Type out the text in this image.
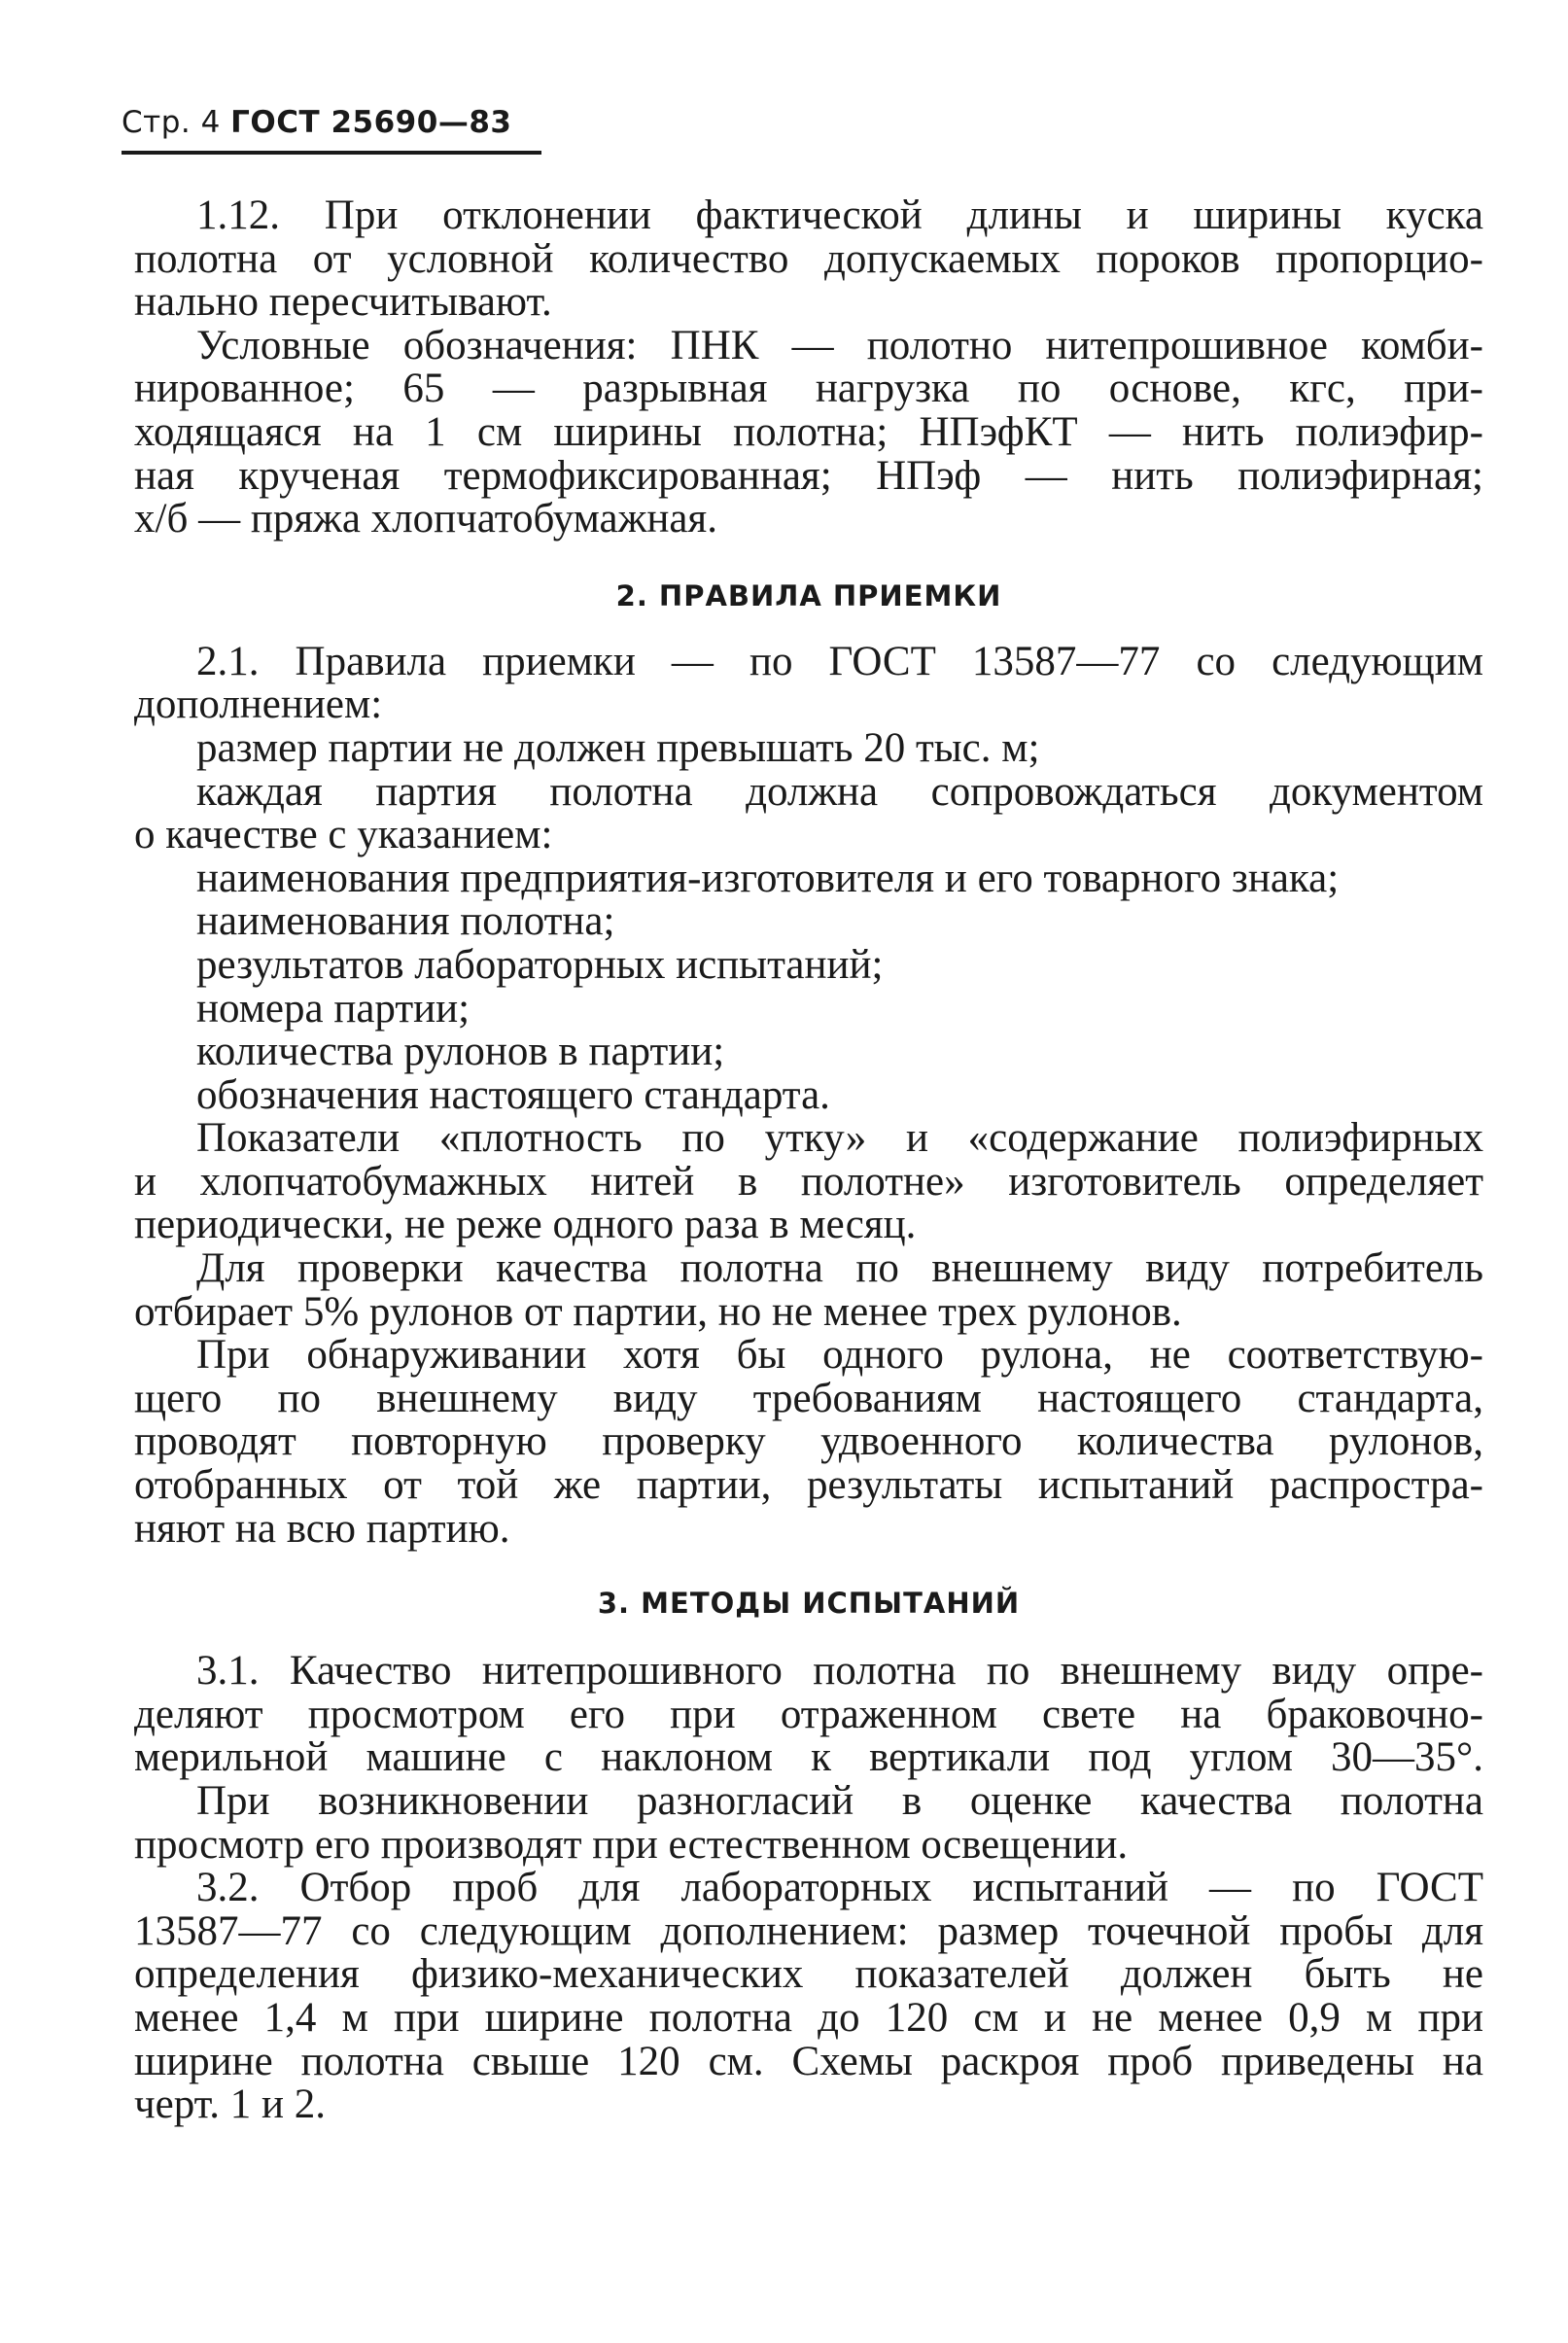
Стр. 4 ГОСТ 25690—83

1.12. При отклонении фактической длины и ширины куска

полотна от условной количество допускаемых пороков пропорцио-

нально пересчитывают.

Условные обозначения: ПНК — полотно нитепрошивное комби-

нированное; 65 — разрывная нагрузка по основе, кгс, при-

ходящаяся на 1 см ширины полотна; НПэфКТ — нить полиэфир-

ная крученая термофиксированная; НПэф — нить полиэфирная;

х/б — пряжа хлопчатобумажная.

2. ПРАВИЛА ПРИЕМКИ

2.1. Правила приемки — по ГОСТ 13587—77 со следующим

дополнением:

размер партии не должен превышать 20 тыс. м;

каждая партия полотна должна сопровождаться документом

о качестве с указанием:

наименования предприятия-изготовителя и его товарного знака;

наименования полотна;

результатов лабораторных испытаний;

номера партии;

количества рулонов в партии;

обозначения настоящего стандарта.

Показатели «плотность по утку» и «содержание полиэфирных

и хлопчатобумажных нитей в полотне» изготовитель определяет

периодически, не реже одного раза в месяц.

Для проверки качества полотна по внешнему виду потребитель

отбирает 5% рулонов от партии, но не менее трех рулонов.

При обнаруживании хотя бы одного рулона, не соответствую-

щего по внешнему виду требованиям настоящего стандарта,

проводят повторную проверку удвоенного количества рулонов,

отобранных от той же партии, результаты испытаний распростра-

няют на всю партию.

3. МЕТОДЫ ИСПЫТАНИЙ

3.1. Качество нитепрошивного полотна по внешнему виду опре-

деляют просмотром его при отраженном свете на браковочно-

мерильной машине с наклоном к вертикали под углом 30—35°.

При возникновении разногласий в оценке качества полотна

просмотр его производят при естественном освещении.

3.2. Отбор проб для лабораторных испытаний — по ГОСТ

13587—77 со следующим дополнением: размер точечной пробы для

определения физико-механических показателей должен быть не

менее 1,4 м при ширине полотна до 120 см и не менее 0,9 м при

ширине полотна свыше 120 см. Схемы раскроя проб приведены на

черт. 1 и 2.
